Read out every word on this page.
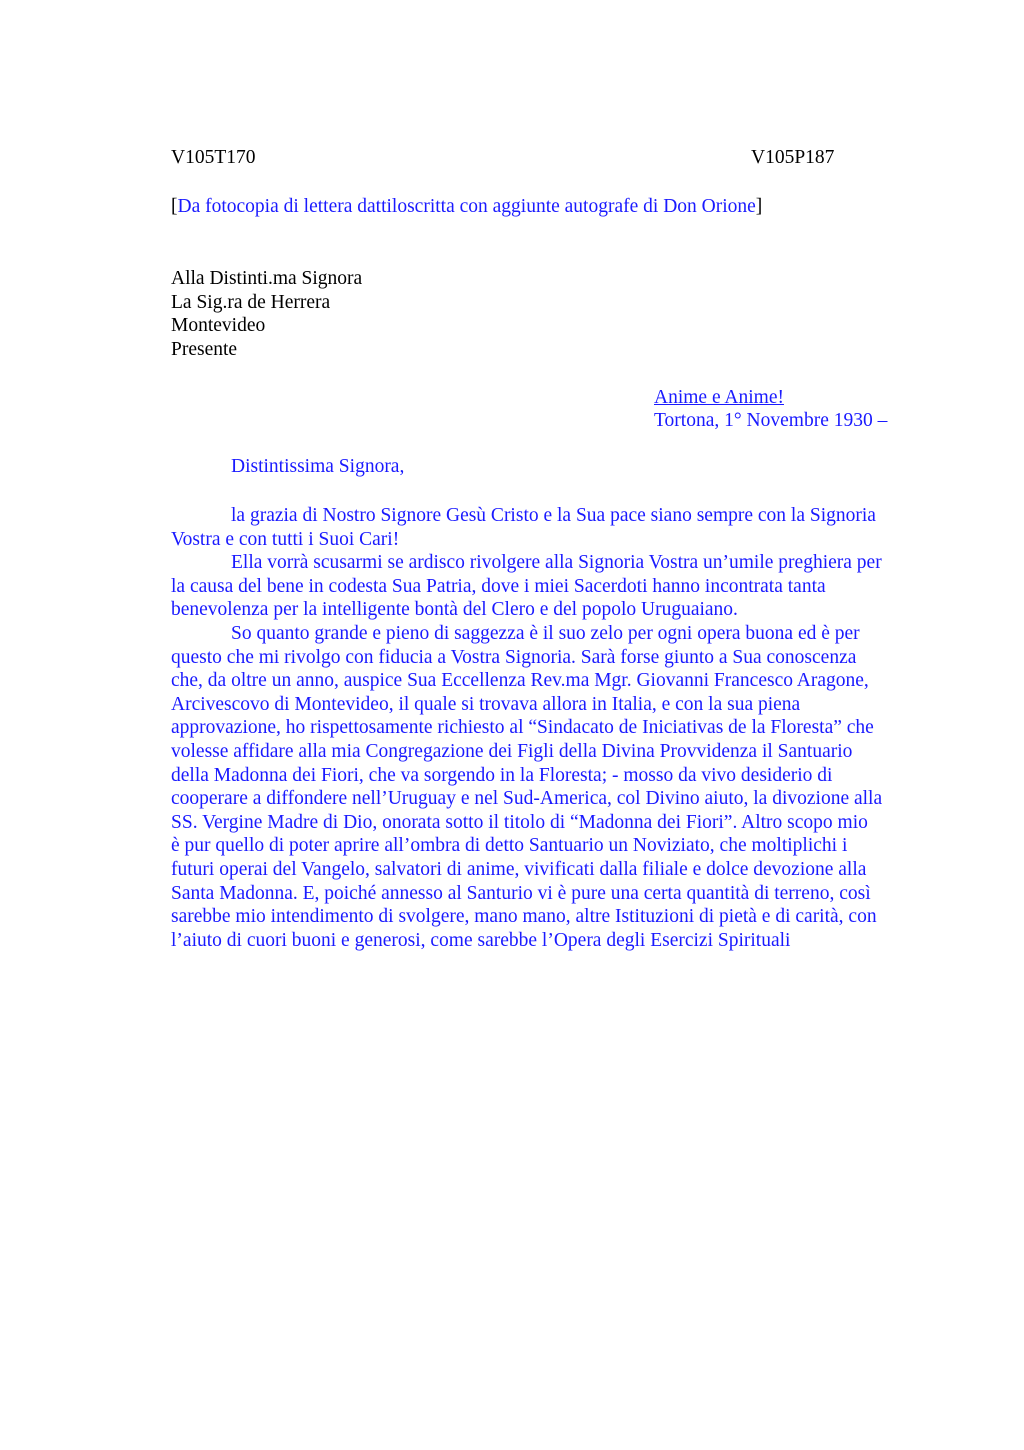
V105T170	V105P187
[Da fotocopia di lettera dattiloscritta con aggiunte autografe di Don Orione]
Alla Distinti.ma Signora
La Sig.ra de Herrera
Montevideo
Presente
Anime e Anime!
Tortona, 1° Novembre 1930 –
Distintissima Signora,
la grazia di Nostro Signore Gesù Cristo e la Sua pace siano sempre con la Signoria
Vostra e con tutti i Suoi Cari!
Ella vorrà scusarmi se ardisco rivolgere alla Signoria Vostra un’umile preghiera per
la causa del bene in codesta Sua Patria, dove i miei Sacerdoti hanno incontrata tanta
benevolenza per la intelligente bontà del Clero e del popolo Uruguaiano.
So quanto grande e pieno di saggezza è il suo zelo per ogni opera buona ed è per
questo che mi rivolgo con fiducia a Vostra Signoria. Sarà forse giunto a Sua conoscenza
che, da oltre un anno, auspice Sua Eccellenza Rev.ma Mgr. Giovanni Francesco Aragone,
Arcivescovo di Montevideo, il quale si trovava allora in Italia, e con la sua piena
approvazione, ho rispettosamente richiesto al “Sindacato de Iniciativas de la Floresta” che
volesse affidare alla mia Congregazione dei Figli della Divina Provvidenza il Santuario
della Madonna dei Fiori, che va sorgendo in la Floresta; - mosso da vivo desiderio di
cooperare a diffondere nell’Uruguay e nel Sud-America, col Divino aiuto, la divozione alla
SS. Vergine Madre di Dio, onorata sotto il titolo di “Madonna dei Fiori”. Altro scopo mio
è pur quello di poter aprire all’ombra di detto Santuario un Noviziato, che moltiplichi i
futuri operai del Vangelo, salvatori di anime, vivificati dalla filiale e dolce devozione alla
Santa Madonna. E, poiché annesso al Santurio vi è pure una certa quantità di terreno, così
sarebbe mio intendimento di svolgere, mano mano, altre Istituzioni di pietà e di carità, con
l’aiuto di cuori buoni e generosi, come sarebbe l’Opera degli Esercizi Spirituali
